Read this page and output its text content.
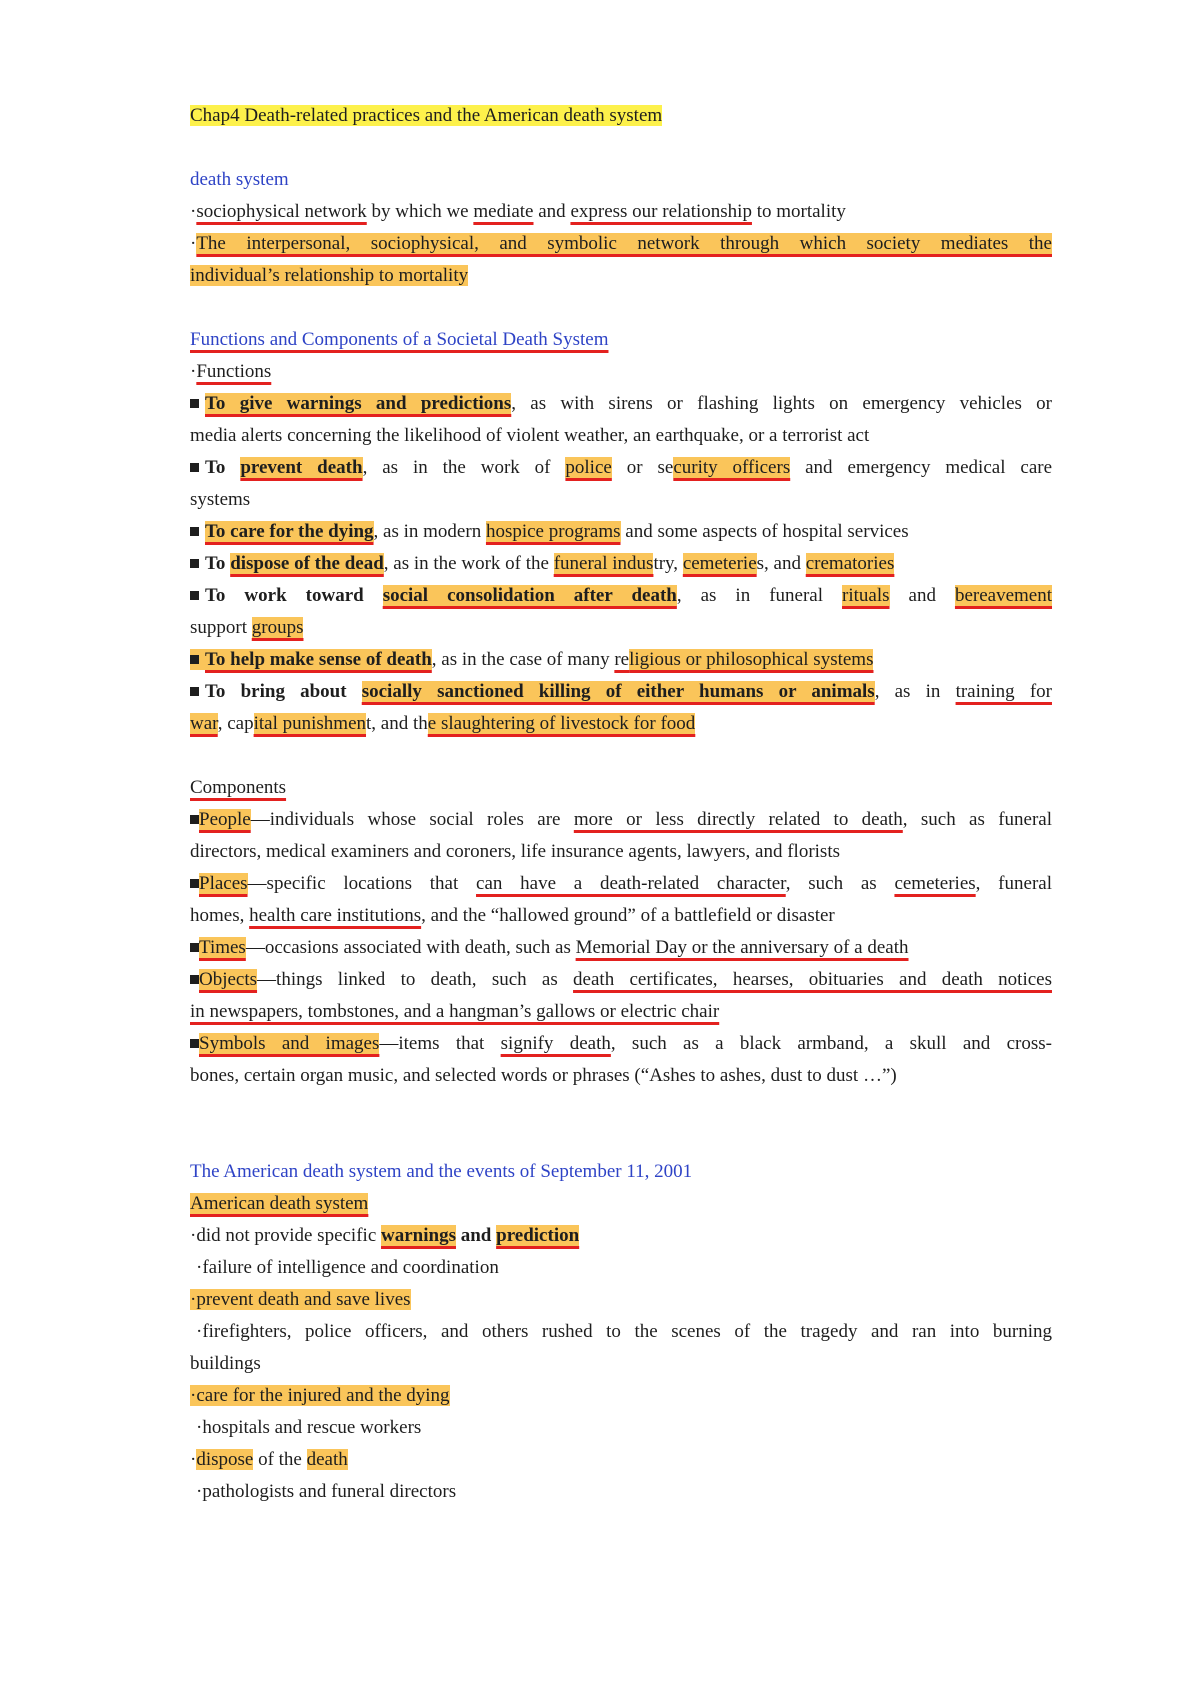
Chap4 Death-related practices and the American death system
death system
·sociophysical network by which we mediate and express our relationship to mortality
·The interpersonal, sociophysical, and symbolic network through which society mediates the
individual’s relationship to mortality
Functions and Components of a Societal Death System
·Functions
To give warnings and predictions, as with sirens or flashing lights on emergency vehicles or
media alerts concerning the likelihood of violent weather, an earthquake, or a terrorist act
To prevent death, as in the work of police or security officers and emergency medical care
systems
To care for the dying, as in modern hospice programs and some aspects of hospital services
To dispose of the dead, as in the work of the funeral industry, cemeteries, and crematories
To work toward social consolidation after death, as in funeral rituals and bereavement
support groups
To help make sense of death, as in the case of many religious or philosophical systems
To bring about socially sanctioned killing of either humans or animals, as in training for
war, capital punishment, and the slaughtering of livestock for food
Components
People—individuals whose social roles are more or less directly related to death, such as funeral
directors, medical examiners and coroners, life insurance agents, lawyers, and florists
Places—specific locations that can have a death-related character, such as cemeteries, funeral
homes, health care institutions, and the “hallowed ground” of a battlefield or disaster
Times—occasions associated with death, such as Memorial Day or the anniversary of a death
Objects—things linked to death, such as death certificates, hearses, obituaries and death notices
in newspapers, tombstones, and a hangman’s gallows or electric chair
Symbols and images—items that signify death, such as a black armband, a skull and cross-
bones, certain organ music, and selected words or phrases (“Ashes to ashes, dust to dust …”)
The American death system and the events of September 11, 2001
American death system
·did not provide specific warnings and prediction
·failure of intelligence and coordination
·prevent death and save lives
·firefighters, police officers, and others rushed to the scenes of the tragedy and ran into burning
buildings
·care for the injured and the dying
·hospitals and rescue workers
·dispose of the death
·pathologists and funeral directors
